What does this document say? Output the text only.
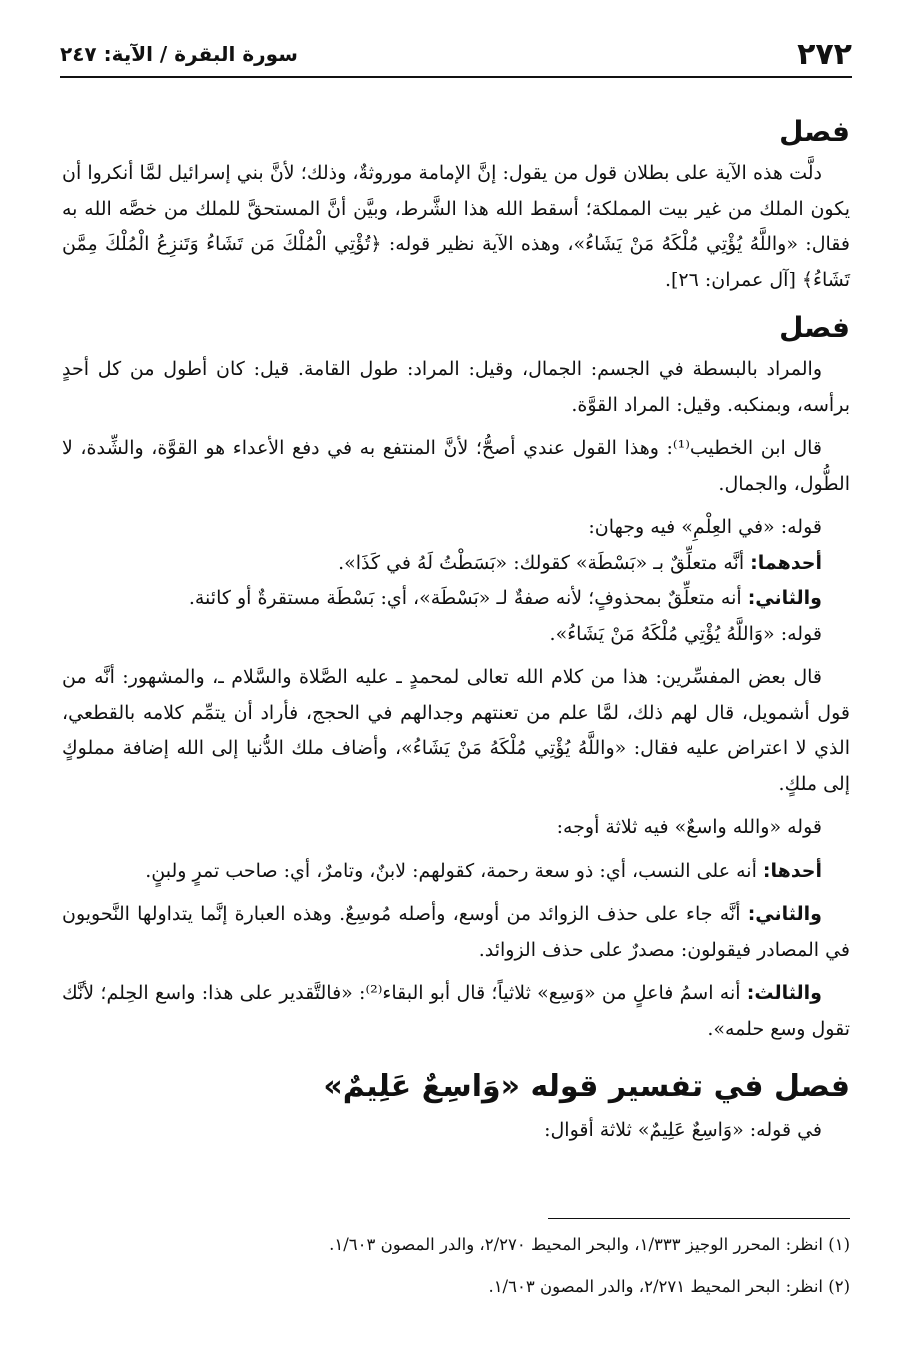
٢٧٢
سورة البقرة / الآية: ٢٤٧
فصل

دلَّت هذه الآية على بطلان قول من يقول: إنَّ الإمامة موروثةٌ، وذلك؛ لأنَّ بني إسرائيل لمَّا أنكروا أن يكون الملك من غير بيت المملكة؛ أسقط الله هذا الشَّرط، وبيَّن أنَّ المستحقَّ للملك من خصَّه الله به فقال: «واللَّهُ يُؤْتِي مُلْكَهُ مَنْ يَشَاءُ»، وهذه الآية نظير قوله: ﴿تُؤْتِي الْمُلْكَ مَن تَشَاءُ وَتَنزِعُ الْمُلْكَ مِمَّن تَشَاءُ﴾ [آل عمران: ٢٦].

فصل

والمراد بالبسطة في الجسم: الجمال، وقيل: المراد: طول القامة. قيل: كان أطول من كل أحدٍ برأسه، وبمنكبه. وقيل: المراد القوَّة.

قال ابن الخطيب⁽¹⁾: وهذا القول عندي أصحُّ؛ لأنَّ المنتفع به في دفع الأعداء هو القوَّة، والشِّدة، لا الطُّول، والجمال.

قوله: «في العِلْمِ» فيه وجهان:

أحدهما: أنَّه متعلِّقٌ بـ «بَسْطَة» كقولك: «بَسَطْتُ لَهُ في كَذَا».

والثاني: أنه متعلِّقٌ بمحذوفٍ؛ لأنه صفةٌ لـ «بَسْطَة»، أي: بَسْطَة مستقرةٌ أو كائنة.

قوله: «وَاللَّهُ يُؤْتِي مُلْكَهُ مَنْ يَشَاءُ».

قال بعض المفسِّرين: هذا من كلام الله تعالى لمحمدٍ ـ عليه الصَّلاة والسَّلام ـ، والمشهور: أنَّه من قول أشمويل، قال لهم ذلك، لمَّا علم من تعنتهم وجدالهم في الحجج، فأراد أن يتمِّم كلامه بالقطعي، الذي لا اعتراض عليه فقال: «واللَّهُ يُؤْتِي مُلْكَهُ مَنْ يَشَاءُ»، وأضاف ملك الدُّنيا إلى الله إضافة مملوكٍ إلى ملكٍ.

قوله «والله واسعٌ» فيه ثلاثة أوجه:

أحدها: أنه على النسب، أي: ذو سعة رحمة، كقولهم: لابنٌ، وتامرٌ، أي: صاحب تمرٍ ولبنٍ.

والثاني: أنَّه جاء على حذف الزوائد من أوسع، وأصله مُوسِعٌ. وهذه العبارة إنَّما يتداولها النَّحويون في المصادر فيقولون: مصدرٌ على حذف الزوائد.

والثالث: أنه اسمُ فاعلٍ من «وَسِع» ثلاثياً؛ قال أبو البقاء⁽²⁾: «فالتَّقدير على هذا: واسع الحِلم؛ لأنَّك تقول وسع حلمه».

فصل في تفسير قوله «وَاسِعٌ عَلِيمٌ»

في قوله: «وَاسِعٌ عَلِيمٌ» ثلاثة أقوال:

(١) انظر: المحرر الوجيز ١/٣٣٣، والبحر المحيط ٢/٢٧٠، والدر المصون ١/٦٠٣.

(٢) انظر: البحر المحيط ٢/٢٧١، والدر المصون ١/٦٠٣.
